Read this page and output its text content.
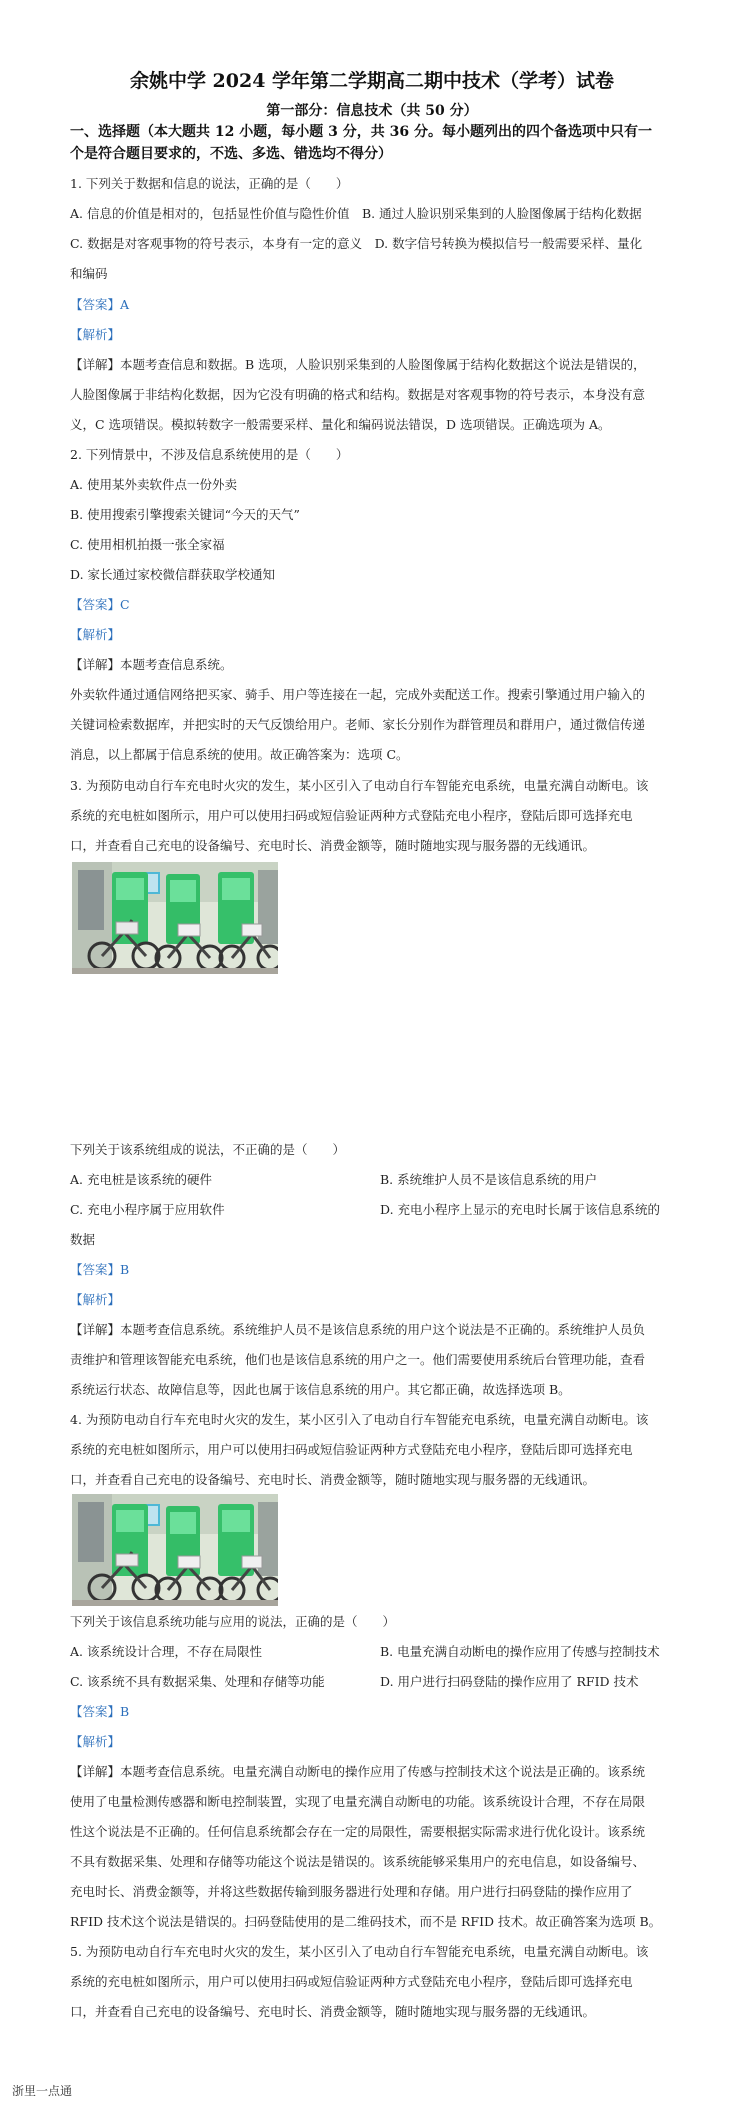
余姚中学 2024 学年第二学期高二期中技术（学考）试卷
第一部分：信息技术（共 50 分）
一、选择题（本大题共 12 小题，每小题 3 分，共 36 分。每小题列出的四个备选项中只有一
个是符合题目要求的，不选、多选、错选均不得分）
1. 下列关于数据和信息的说法，正确的是（　　）
A. 信息的价值是相对的，包括显性价值与隐性价值　B. 通过人脸识别采集到的人脸图像属于结构化数据
C. 数据是对客观事物的符号表示，本身有一定的意义　D. 数字信号转换为模拟信号一般需要采样、量化
和编码
【答案】A
【解析】
【详解】本题考查信息和数据。B 选项，人脸识别采集到的人脸图像属于结构化数据这个说法是错误的，
人脸图像属于非结构化数据，因为它没有明确的格式和结构。数据是对客观事物的符号表示，本身没有意
义，C 选项错误。模拟转数字一般需要采样、量化和编码说法错误，D 选项错误。正确选项为 A。
2. 下列情景中，不涉及信息系统使用的是（　　）
A. 使用某外卖软件点一份外卖
B. 使用搜索引擎搜索关键词“今天的天气”
C. 使用相机拍摄一张全家福
D. 家长通过家校微信群获取学校通知
【答案】C
【解析】
【详解】本题考查信息系统。
外卖软件通过通信网络把买家、骑手、用户等连接在一起，完成外卖配送工作。搜索引擎通过用户输入的
关键词检索数据库，并把实时的天气反馈给用户。老师、家长分别作为群管理员和群用户，通过微信传递
消息，以上都属于信息系统的使用。故正确答案为：选项 C。
3. 为预防电动自行车充电时火灾的发生，某小区引入了电动自行车智能充电系统，电量充满自动断电。该
系统的充电桩如图所示，用户可以使用扫码或短信验证两种方式登陆充电小程序，登陆后即可选择充电
口，并查看自己充电的设备编号、充电时长、消费金额等，随时随地实现与服务器的无线通讯。
下列关于该系统组成的说法，不正确的是（　　）
A. 充电桩是该系统的硬件	B. 系统维护人员不是该信息系统的用户
C. 充电小程序属于应用软件	D. 充电小程序上显示的充电时长属于该信息系统的
数据
【答案】B
【解析】
【详解】本题考查信息系统。系统维护人员不是该信息系统的用户这个说法是不正确的。系统维护人员负
责维护和管理该智能充电系统，他们也是该信息系统的用户之一。他们需要使用系统后台管理功能，查看
系统运行状态、故障信息等，因此也属于该信息系统的用户。其它都正确，故选择选项 B。
4. 为预防电动自行车充电时火灾的发生，某小区引入了电动自行车智能充电系统，电量充满自动断电。该
系统的充电桩如图所示，用户可以使用扫码或短信验证两种方式登陆充电小程序，登陆后即可选择充电
口，并查看自己充电的设备编号、充电时长、消费金额等，随时随地实现与服务器的无线通讯。
下列关于该信息系统功能与应用的说法，正确的是（　　）
A. 该系统设计合理，不存在局限性	B. 电量充满自动断电的操作应用了传感与控制技术
C. 该系统不具有数据采集、处理和存储等功能	D. 用户进行扫码登陆的操作应用了 RFID 技术
【答案】B
【解析】
【详解】本题考查信息系统。电量充满自动断电的操作应用了传感与控制技术这个说法是正确的。该系统
使用了电量检测传感器和断电控制装置，实现了电量充满自动断电的功能。该系统设计合理，不存在局限
性这个说法是不正确的。任何信息系统都会存在一定的局限性，需要根据实际需求进行优化设计。该系统
不具有数据采集、处理和存储等功能这个说法是错误的。该系统能够采集用户的充电信息，如设备编号、
充电时长、消费金额等，并将这些数据传输到服务器进行处理和存储。用户进行扫码登陆的操作应用了
RFID 技术这个说法是错误的。扫码登陆使用的是二维码技术，而不是 RFID 技术。故正确答案为选项 B。
5. 为预防电动自行车充电时火灾的发生，某小区引入了电动自行车智能充电系统，电量充满自动断电。该
系统的充电桩如图所示，用户可以使用扫码或短信验证两种方式登陆充电小程序，登陆后即可选择充电
口，并查看自己充电的设备编号、充电时长、消费金额等，随时随地实现与服务器的无线通讯。
浙里一点通
